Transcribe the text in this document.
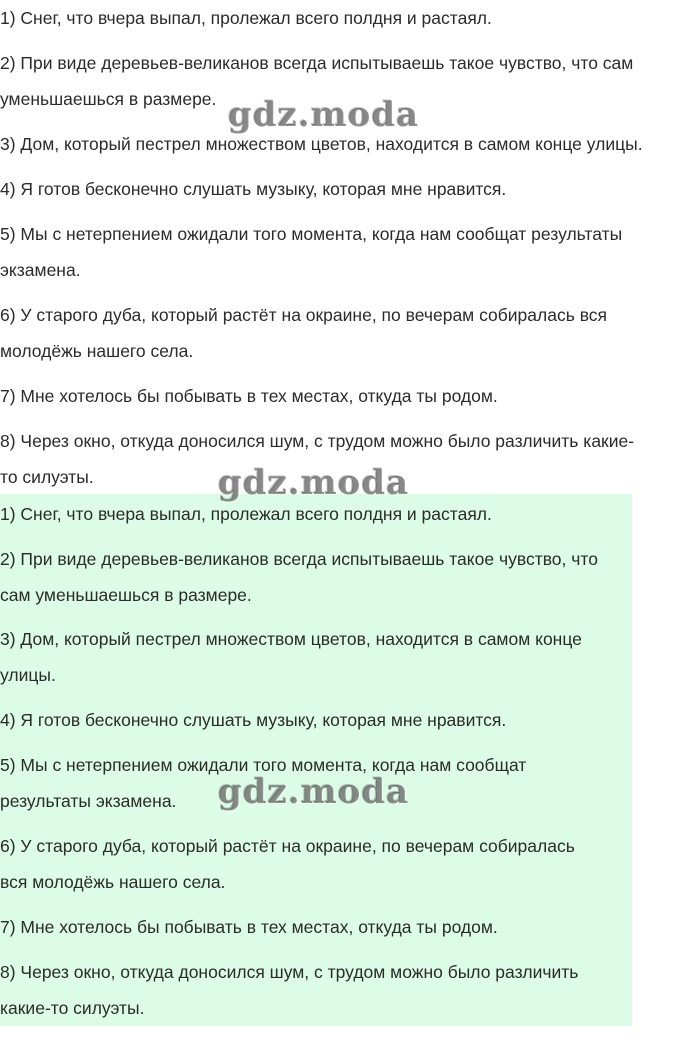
1) Снег, что вчера выпал, пролежал всего полдня и растаял.

2) При виде деревьев-великанов всегда испытываешь такое чувство, что сам
уменьшаешься в размере.

3) Дом, который пестрел множеством цветов, находится в самом конце улицы.

4) Я готов бесконечно слушать музыку, которая мне нравится.

5) Мы с нетерпением ожидали того момента, когда нам сообщат результаты
экзамена.

6) У старого дуба, который растёт на окраине, по вечерам собиралась вся
молодёжь нашего села.

7) Мне хотелось бы побывать в тех местах, откуда ты родом.

8) Через окно, откуда доносился шум, с трудом можно было различить какие-
то силуэты.

1) Снег, что вчера выпал, пролежал всего полдня и растаял.

2) При виде деревьев-великанов всегда испытываешь такое чувство, что
сам уменьшаешься в размере.

3) Дом, который пестрел множеством цветов, находится в самом конце
улицы.

4) Я готов бесконечно слушать музыку, которая мне нравится.

5) Мы с нетерпением ожидали того момента, когда нам сообщат
результаты экзамена.

6) У старого дуба, который растёт на окраине, по вечерам собиралась
вся молодёжь нашего села.

7) Мне хотелось бы побывать в тех местах, откуда ты родом.

8) Через окно, откуда доносился шум, с трудом можно было различить
какие-то силуэты.

gdz.moda
gdz.moda
gdz.moda
